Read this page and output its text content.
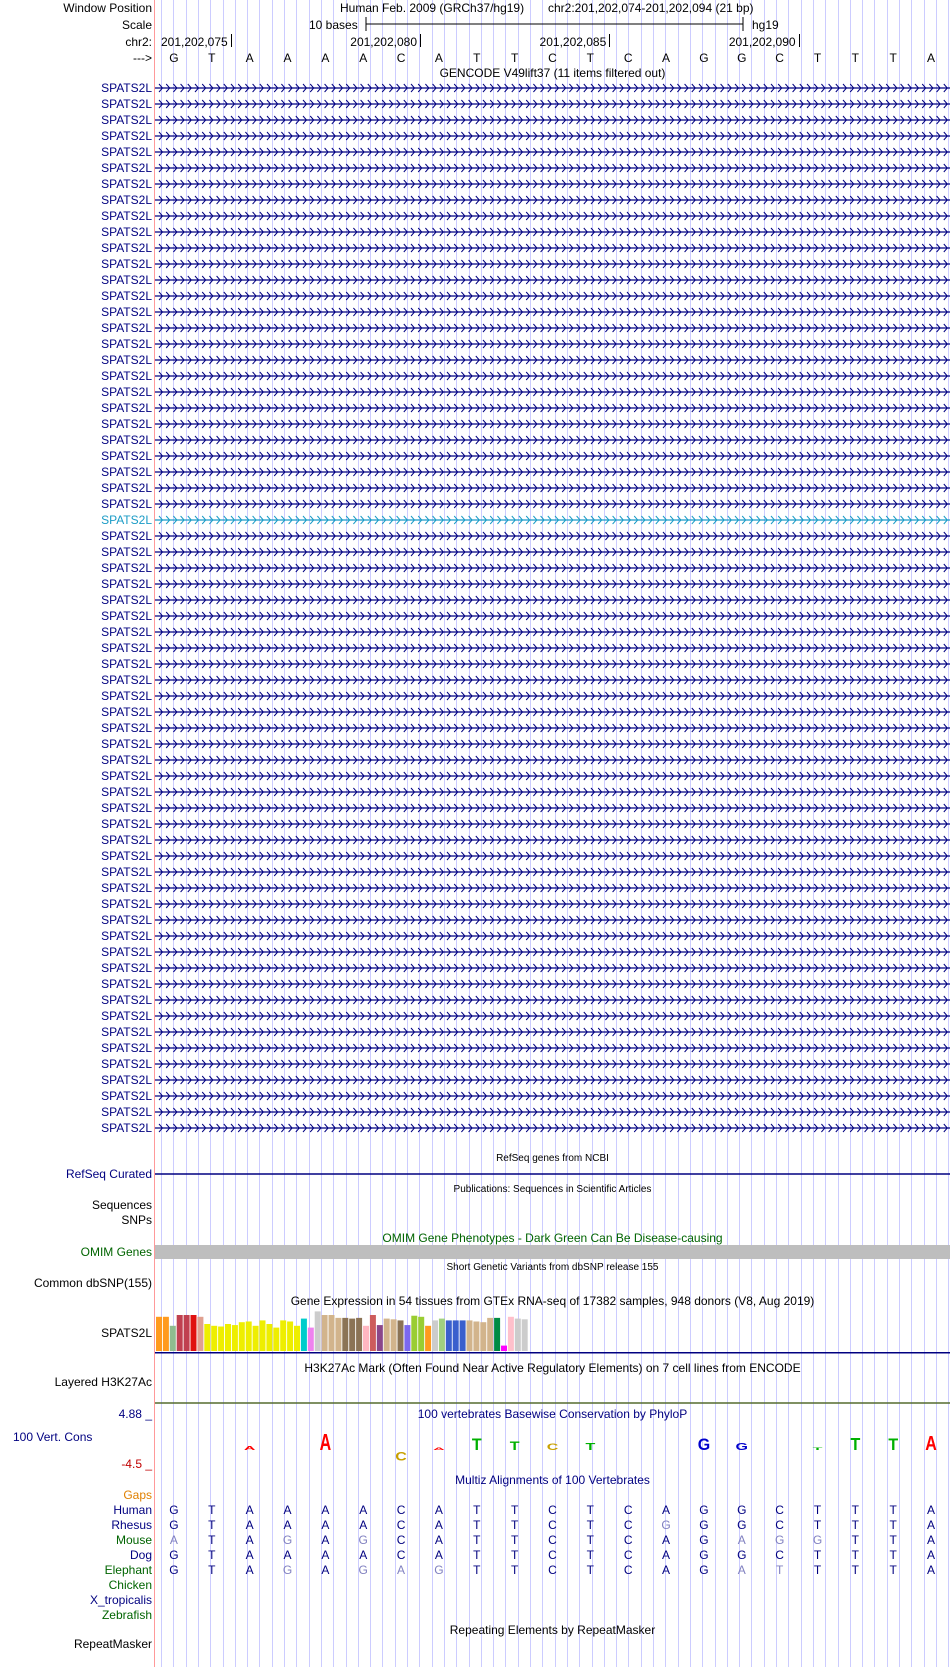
Window Position
Scale
chr2:
--->
Human Feb. 2009 (GRCh37/hg19) chr2:201,202,074-201,202,094 (21 bp)
10 bases	hg19
201,202,075	201,202,080	201,202,085	201,202,090
G	T	A	A	A	A	C	A	T	T	C	T	C	A	G	G	C	T	T	T	A
GENCODE V49lift37 (11 items filtered out)
SPATS2L
SPATS2L
SPATS2L
SPATS2L
SPATS2L
SPATS2L
SPATS2L
SPATS2L
SPATS2L
SPATS2L
SPATS2L
SPATS2L
SPATS2L
SPATS2L
SPATS2L
SPATS2L
SPATS2L
SPATS2L
SPATS2L
SPATS2L
SPATS2L
SPATS2L
SPATS2L
SPATS2L
SPATS2L
SPATS2L
SPATS2L
SPATS2L
SPATS2L
SPATS2L
SPATS2L
SPATS2L
SPATS2L
SPATS2L
SPATS2L
SPATS2L
SPATS2L
SPATS2L
SPATS2L
SPATS2L
SPATS2L
SPATS2L
SPATS2L
SPATS2L
SPATS2L
SPATS2L
SPATS2L
SPATS2L
SPATS2L
SPATS2L
SPATS2L
SPATS2L
SPATS2L
SPATS2L
SPATS2L
SPATS2L
SPATS2L
SPATS2L
SPATS2L
SPATS2L
SPATS2L
SPATS2L
SPATS2L
SPATS2L
SPATS2L
SPATS2L
RefSeq genes from NCBI
RefSeq Curated
Publications: Sequences in Scientific Articles
Sequences
SNPs
OMIM Gene Phenotypes - Dark Green Can Be Disease-causing
OMIM Genes
Short Genetic Variants from dbSNP release 155
Common dbSNP(155)
Gene Expression in 54 tissues from GTEx RNA-seq of 17382 samples, 948 donors (V8, Aug 2019)
SPATS2L
H3K27Ac Mark (Often Found Near Active Regulatory Elements) on 7 cell lines from ENCODE
Layered H3K27Ac
100 vertebrates Basewise Conservation by PhyloP
4.88 _
100 Vert. Cons
-4.5 _
A	A
C
A T T C T	G G	T T T A
Multiz Alignments of 100 Vertebrates
Gaps
Human	G	T	A	A	A	A	C	A	T	T	C	T	C	A	G	G	C	T	T	T	A
Rhesus	G	T	A	A	A	A	C	A	T	T	C	T	C	G	G	G	C	T	T	T	A
Mouse	A	T	A	G	A	G	C	A	T	T	C	T	C	A	G	A	G	G	T	T	A
Dog	G	T	A	A	A	A	C	A	T	T	C	T	C	A	G	G	C	T	T	T	A
Elephant	G	T	A	G	A	G	A	G	T	T	C	T	C	A	G	A	T	T	T	T	A
Chicken
X_tropicalis
Zebrafish
Repeating Elements by RepeatMasker
RepeatMasker
